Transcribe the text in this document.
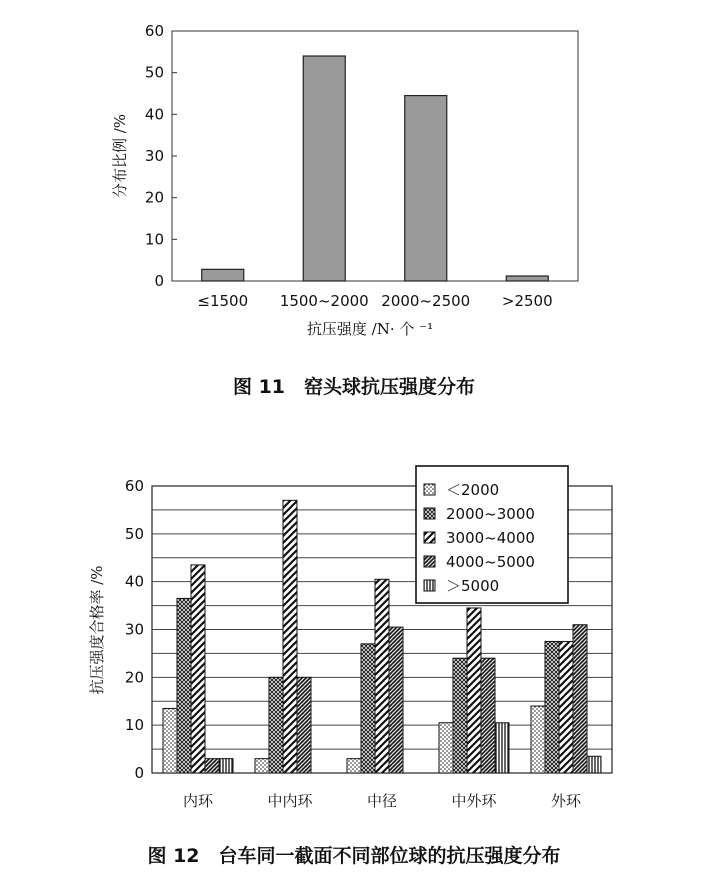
分布比例 /%
抗压强度 /N· 个 ⁻¹
图 11　窑头球抗压强度分布
0
10
20
30
40
50
60
≤1500 1500~2000 2000~2500 >2500
抗压强度合格率 /%
图 12　台车同一截面不同部位球的抗压强度分布
0
10
20
30
40
50
60
内环	中内环	中径	中外环	外环
＜2000
2000~3000
3000~4000
4000~5000
＞5000
